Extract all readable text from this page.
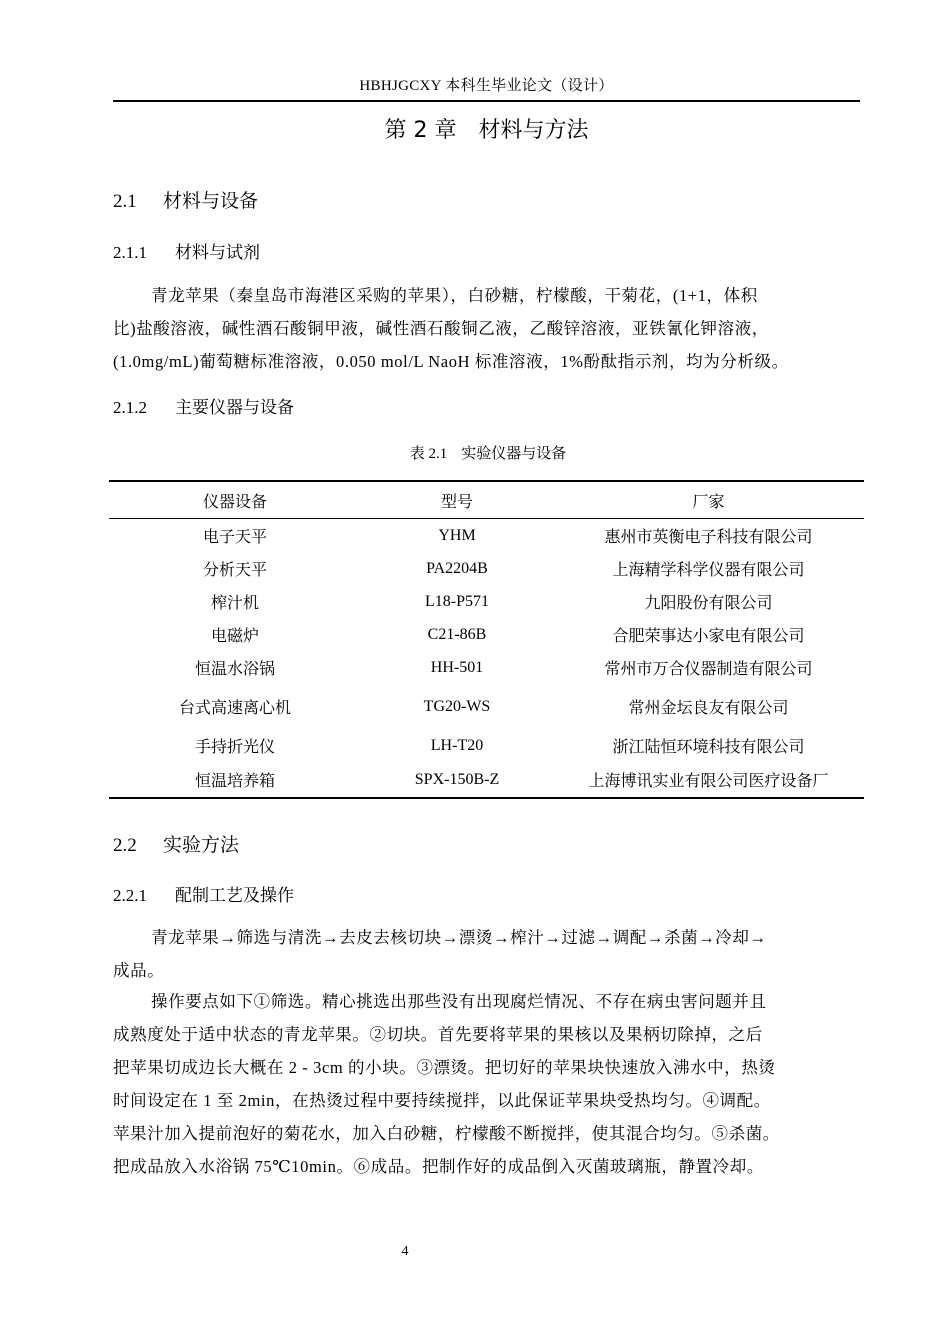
HBHJGCXY 本科生毕业论文（设计）
第 2 章 材料与方法
2.1 材料与设备
2.1.1 材料与试剂
青龙苹果（秦皇岛市海港区采购的苹果），白砂糖，柠檬酸，干菊花，(1+1，体积
比)盐酸溶液，碱性酒石酸铜甲液，碱性酒石酸铜乙液，乙酸锌溶液，亚铁氰化钾溶液，
(1.0mg/mL)葡萄糖标准溶液，0.050 mol/L NaoH 标准溶液，1%酚酞指示剂，均为分析级。
2.1.2 主要仪器与设备
表 2.1 实验仪器与设备
仪器设备	型号	厂家
电子天平	YHM	惠州市英衡电子科技有限公司
分析天平	PA2204B	上海精学科学仪器有限公司
榨汁机	L18-P571	九阳股份有限公司
电磁炉	C21-86B	合肥荣事达小家电有限公司
恒温水浴锅	HH-501	常州市万合仪器制造有限公司
台式高速离心机	TG20-WS	常州金坛良友有限公司
手持折光仪	LH-T20	浙江陆恒环境科技有限公司
恒温培养箱	SPX-150B-Z	上海博讯实业有限公司医疗设备厂
2.2 实验方法
2.2.1 配制工艺及操作
青龙苹果→筛选与清洗→去皮去核切块→漂烫→榨汁→过滤→调配→杀菌→冷却→
成品。
操作要点如下①筛选。精心挑选出那些没有出现腐烂情况、不存在病虫害问题并且
成熟度处于适中状态的青龙苹果。②切块。首先要将苹果的果核以及果柄切除掉，之后
把苹果切成边长大概在 2 - 3cm 的小块。③漂烫。把切好的苹果块快速放入沸水中，热烫
时间设定在 1 至 2min，在热烫过程中要持续搅拌，以此保证苹果块受热均匀。④调配。
苹果汁加入提前泡好的菊花水，加入白砂糖，柠檬酸不断搅拌，使其混合均匀。⑤杀菌。
把成品放入水浴锅 75℃10min。⑥成品。把制作好的成品倒入灭菌玻璃瓶，静置冷却。
4
